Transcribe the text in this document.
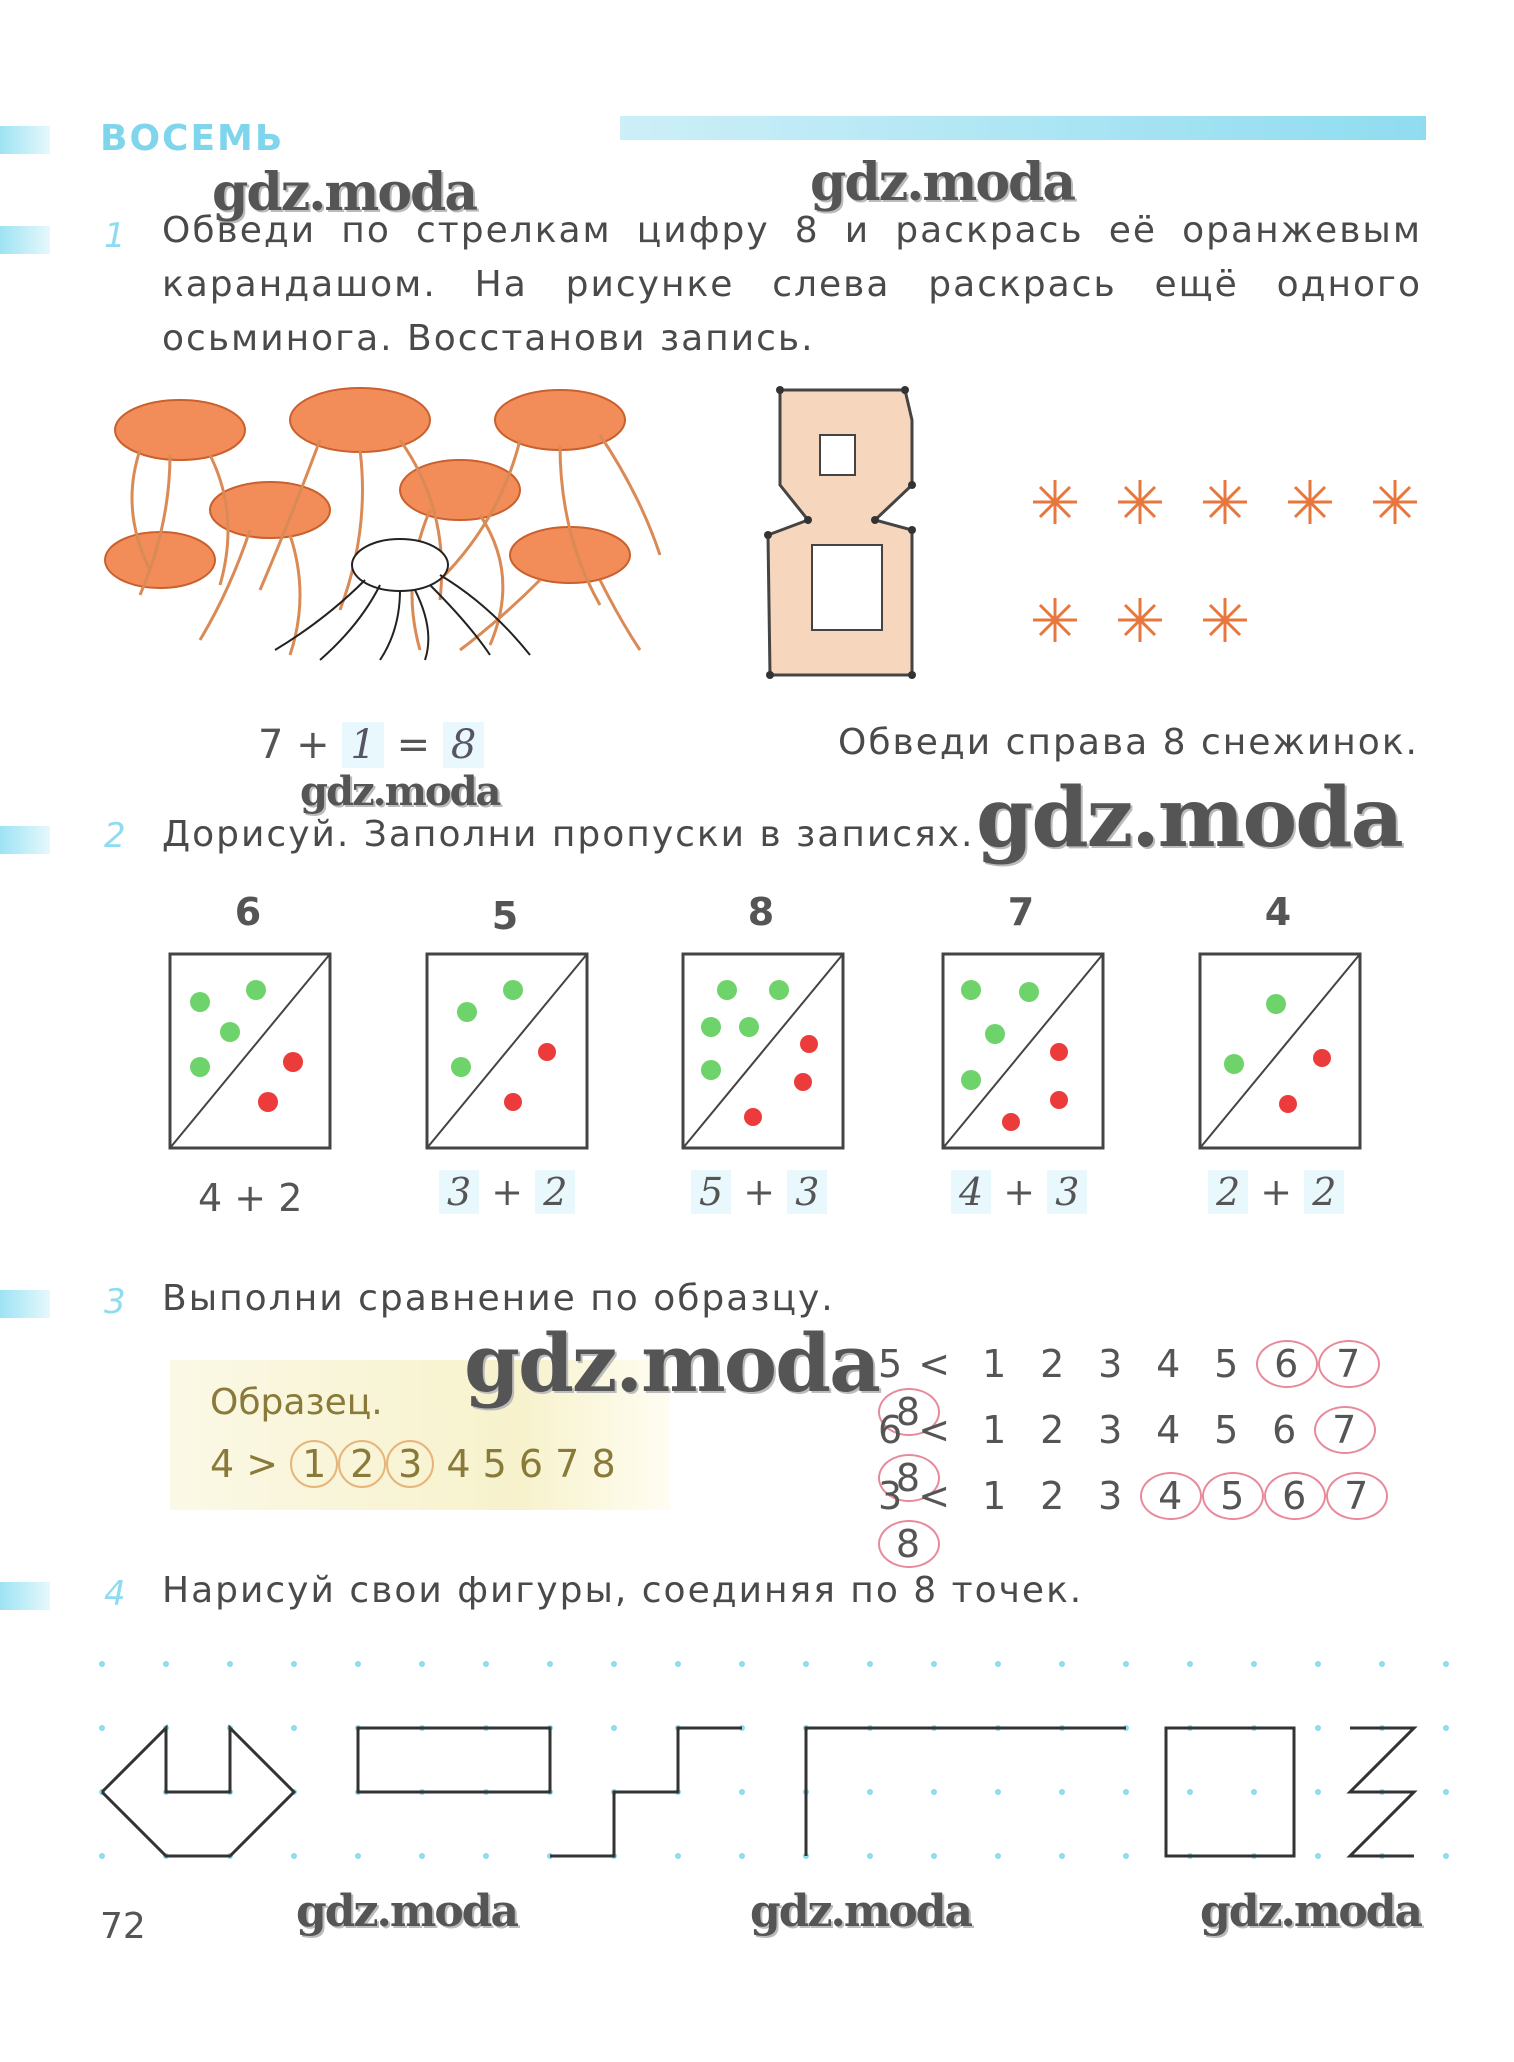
ВОСЕМЬ
gdz.moda	gdz.moda
1 Обведи по стрелкам цифру 8 и раскрась её оранжевым карандашом. На рисунке слева раскрась ещё одного осьминога. Восстанови запись.
7 + 1 = 8	Обведи справа 8 снежинок.
gdz.moda
2 Дорисуй. Заполни пропуски в записях. gdz.moda
6
4 + 2
5
3 + 2
8
5 + 3
7
4 + 3
4
2 + 2
3 Выполни сравнение по образцу.
Образец.
4 > 1 2 3 4 5 6 7 8
gdz.moda 5 < 1 2 3 4 5 6 78
6 < 1 2 3 4 5 6 78
3 < 1 2 3 4 5 6 78
4 Нарисуй свои фигуры, соединяя по 8 точек.
72	gdz.moda	gdz.moda	gdz.moda
